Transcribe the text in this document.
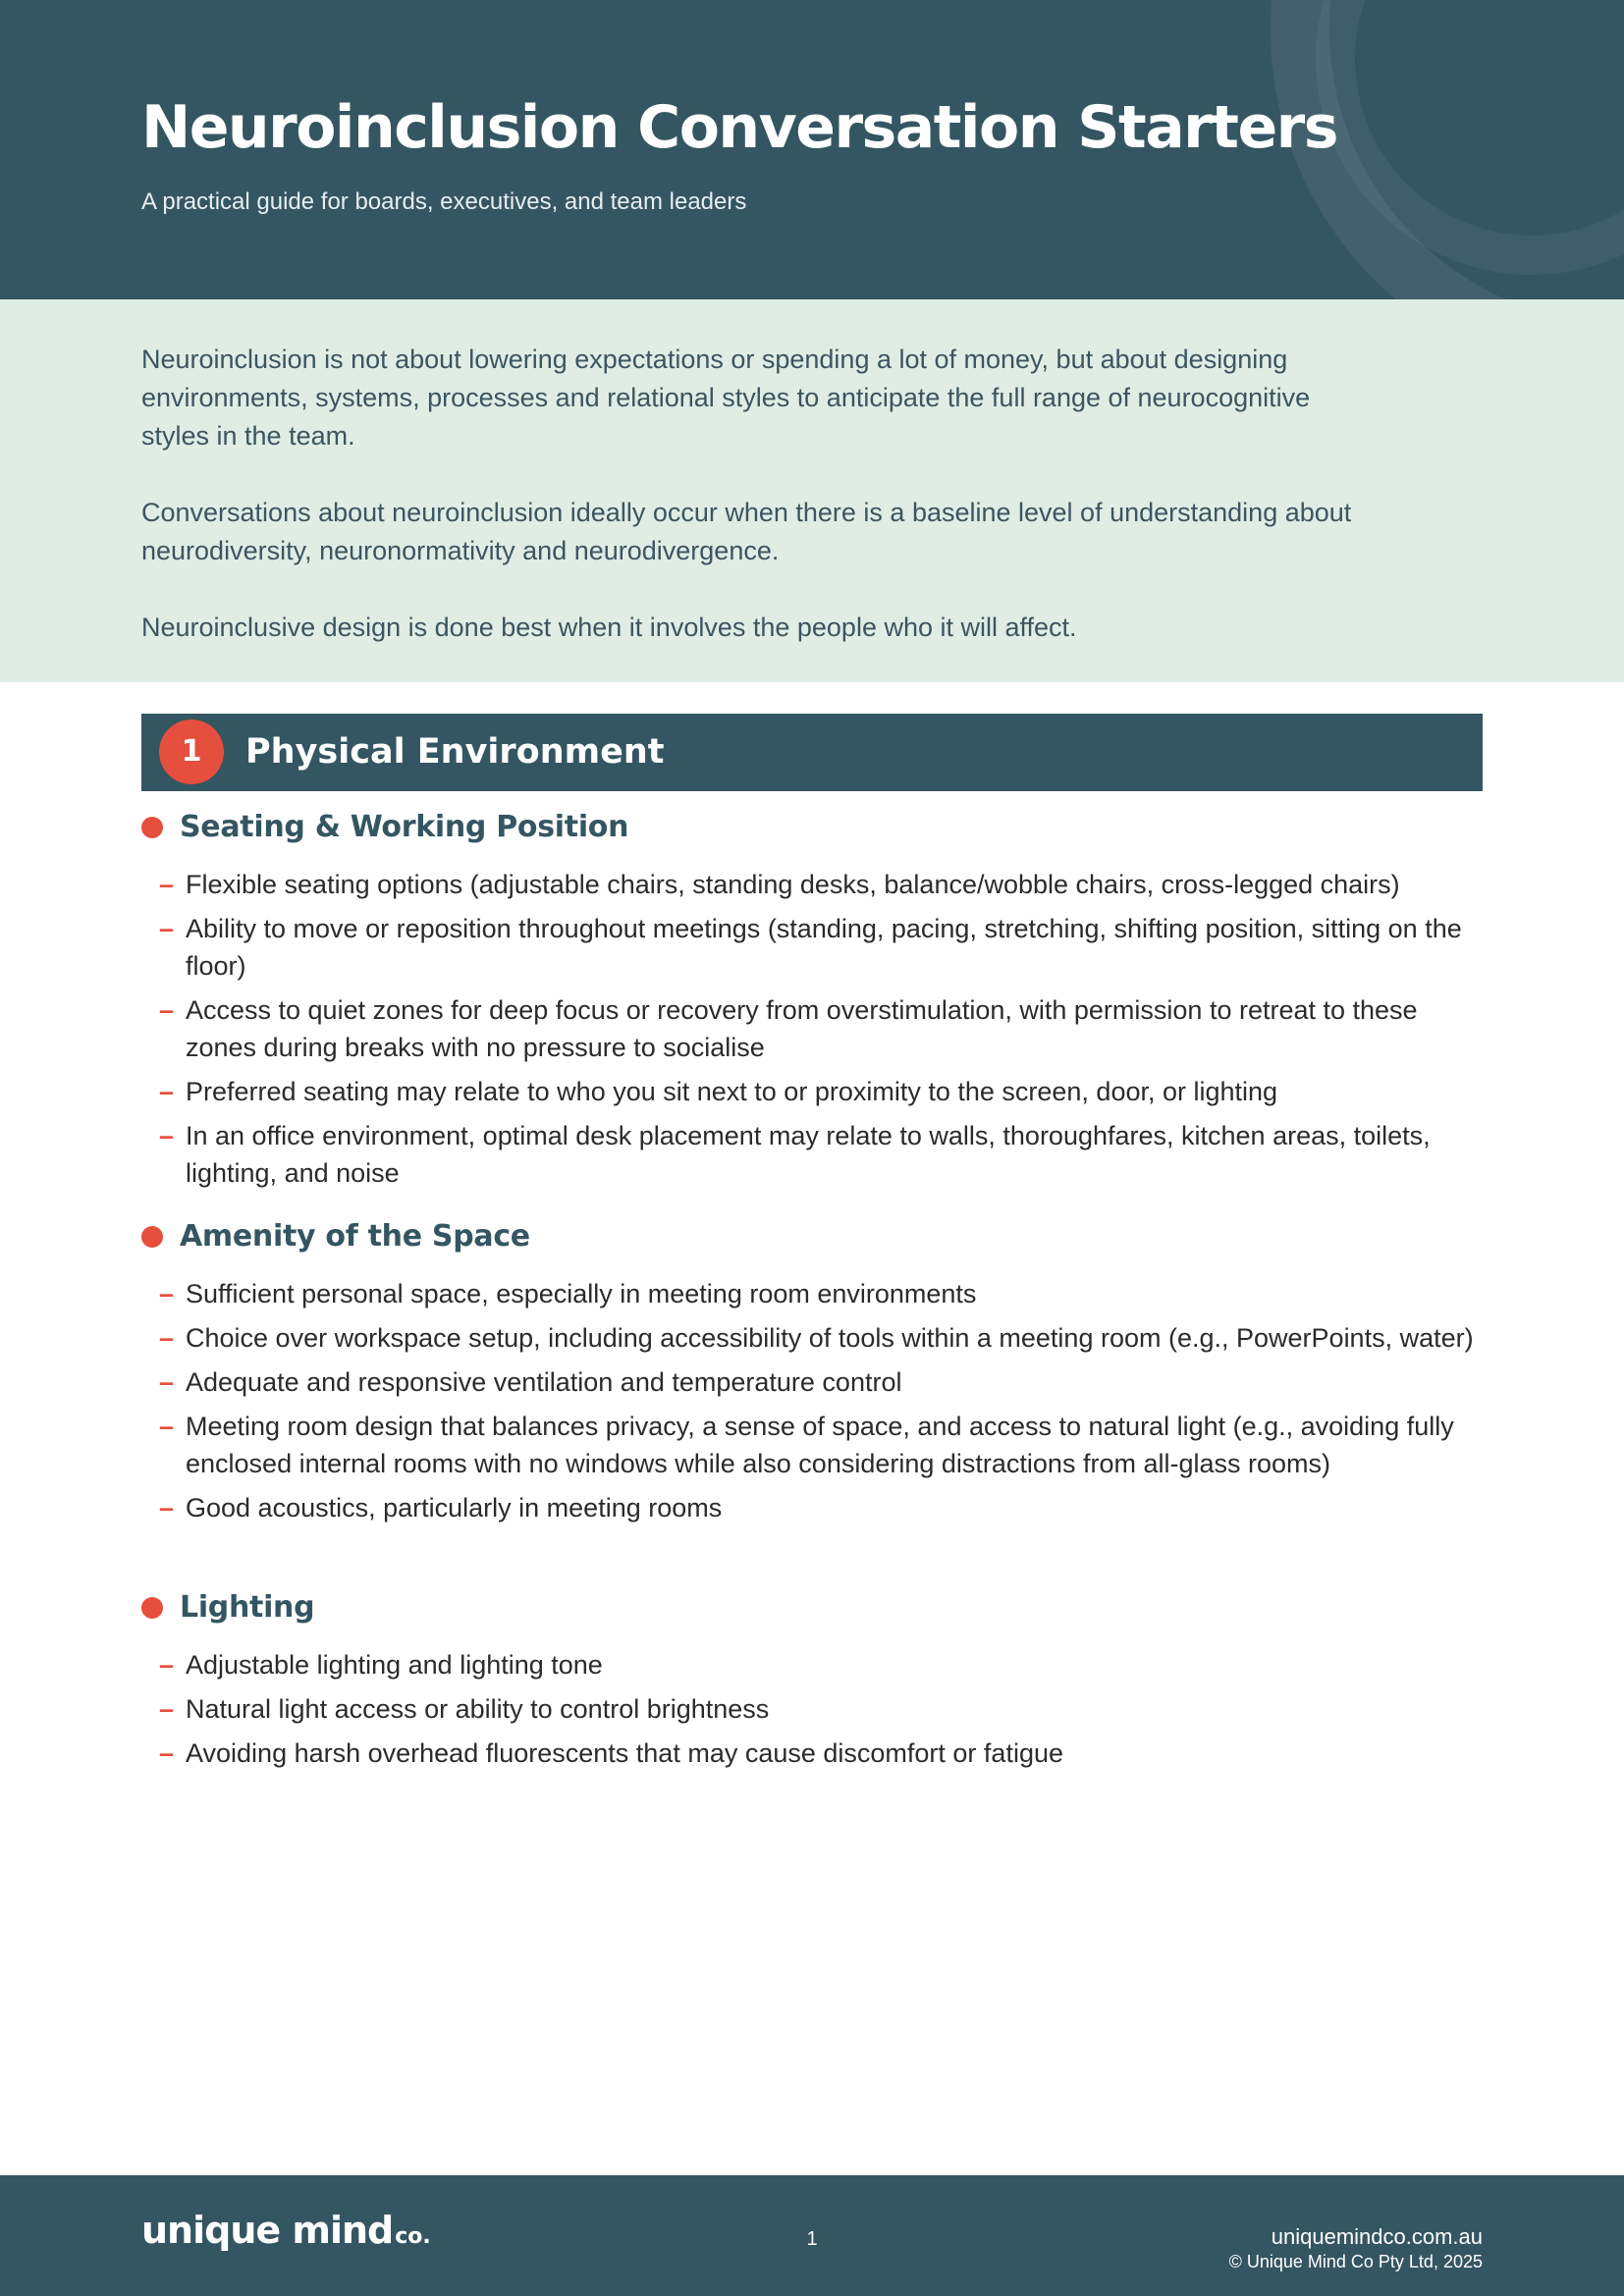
Neuroinclusion Conversation Starters
A practical guide for boards, executives, and team leaders

Neuroinclusion is not about lowering expectations or spending a lot of money, but about designing environments, systems, processes and relational styles to anticipate the full range of neurocognitive styles in the team.

Conversations about neuroinclusion ideally occur when there is a baseline level of understanding about neurodiversity, neuronormativity and neurodivergence.

Neuroinclusive design is done best when it involves the people who it will affect.

1	Physical Environment
Seating & Working Position
– Flexible seating options (adjustable chairs, standing desks, balance/wobble chairs, cross-legged chairs)
– Ability to move or reposition throughout meetings (standing, pacing, stretching, shifting position, sitting on the floor)
– Access to quiet zones for deep focus or recovery from overstimulation, with permission to retreat to these zones during breaks with no pressure to socialise
– Preferred seating may relate to who you sit next to or proximity to the screen, door, or lighting
– In an office environment, optimal desk placement may relate to walls, thoroughfares, kitchen areas, toilets, lighting, and noise
Amenity of the Space
– Sufficient personal space, especially in meeting room environments
– Choice over workspace setup, including accessibility of tools within a meeting room (e.g., PowerPoints, water)
– Adequate and responsive ventilation and temperature control
– Meeting room design that balances privacy, a sense of space, and access to natural light (e.g., avoiding fully enclosed internal rooms with no windows while also considering distractions from all-glass rooms)
– Good acoustics, particularly in meeting rooms
Lighting
– Adjustable lighting and lighting tone
– Natural light access or ability to control brightness
– Avoiding harsh overhead fluorescents that may cause discomfort or fatigue
unique mindco.	1	uniquemindco.com.au
© Unique Mind Co Pty Ltd, 2025
